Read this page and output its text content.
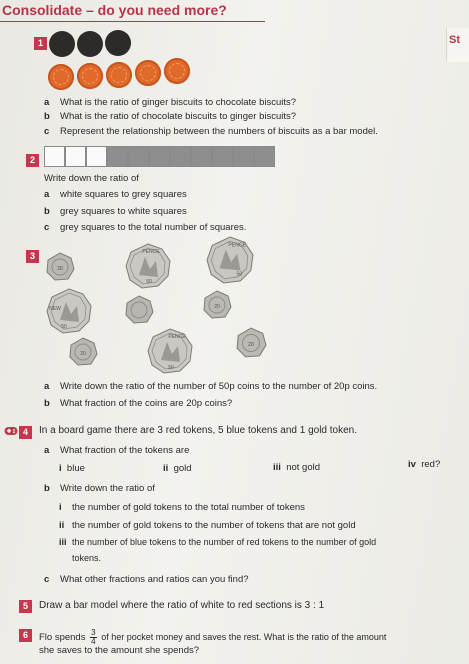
Consolidate – do you need more?
St
1
a What is the ratio of ginger biscuits to chocolate biscuits?
b What is the ratio of chocolate biscuits to ginger biscuits?
c Represent the relationship between the numbers of biscuits as a bar model.
2
Write down the ratio of
a white squares to grey squares
b grey squares to white squares
c grey squares to the total number of squares.
3
20
20
20
20
PENCE
50
PENCE
50
NEW
50
PENCE
50
a Write down the ratio of the number of 50p coins to the number of 20p coins.
b What fraction of the coins are 20p coins?
4	In a board game there are 3 red tokens, 5 blue tokens and 1 gold token.
a What fraction of the tokens are
i blue	ii gold	iii not gold	iv red?
b Write down the ratio of
i the number of gold tokens to the total number of tokens
ii the number of gold tokens to the number of tokens that are not gold
iii the number of blue tokens to the number of red tokens to the number of gold
tokens.
c What other fractions and ratios can you find?
5	Draw a bar model where the ratio of white to red sections is 3 : 1
6	Flo spends $\frac{3}{4}$ of her pocket money and saves the rest. What is the ratio of the amount
she saves to the amount she spends?
